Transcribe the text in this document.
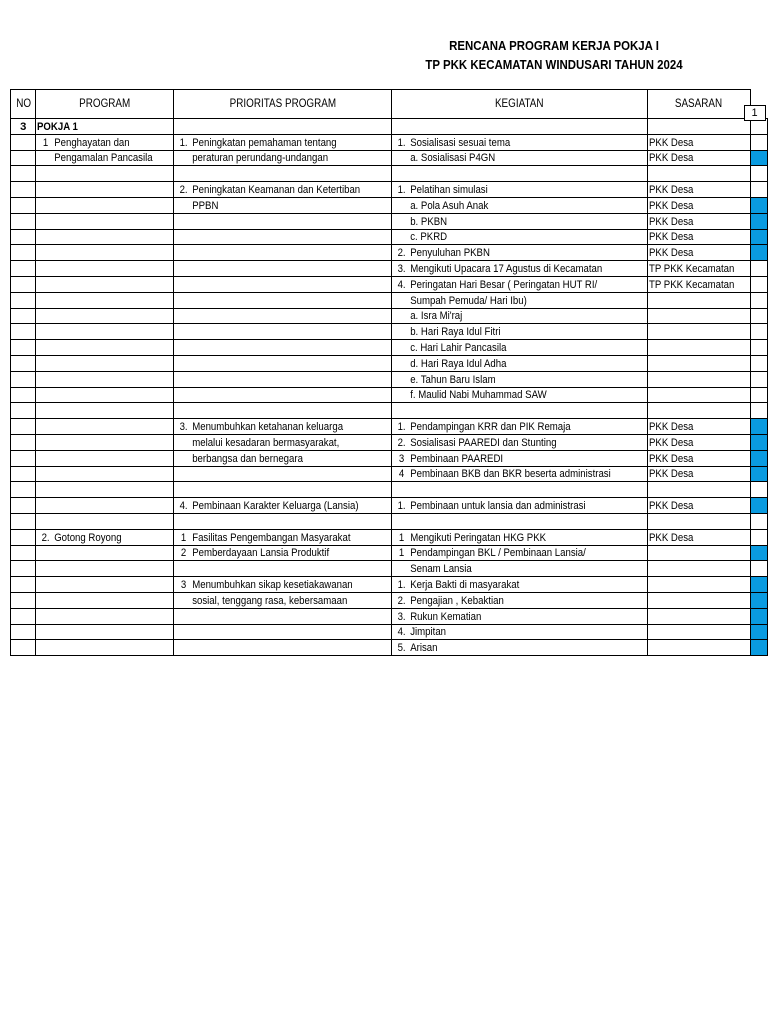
RENCANA PROGRAM KERJA POKJA I
TP PKK KECAMATAN WINDUSARI TAHUN 2024
NO	PROGRAM	PRIORITAS PROGRAM	KEGIATAN	SASARAN	1

3	POKJA 1				
	1 Penghayatan dan	1. Peningkatan pemahaman tentang	1. Sosialisasi sesuai tema	PKK Desa	
	Pengamalan Pancasila	peraturan perundang-undangan	a. Sosialisasi P4GN	PKK Desa	

		2. Peningkatan Keamanan dan Ketertiban	1. Pelatihan simulasi	PKK Desa	
		PPBN	a. Pola Asuh Anak	PKK Desa	
			b. PKBN	PKK Desa	
			c. PKRD	PKK Desa	
			2. Penyuluhan PKBN	PKK Desa	
			3. Mengikuti Upacara 17 Agustus di Kecamatan	TP PKK Kecamatan	
			4. Peringatan Hari Besar ( Peringatan HUT RI/	TP PKK Kecamatan	
			Sumpah Pemuda/ Hari Ibu)		
			a. Isra Mi'raj		
			b. Hari Raya Idul Fitri		
			c. Hari Lahir Pancasila		
			d. Hari Raya Idul Adha		
			e. Tahun Baru Islam		
			f. Maulid Nabi Muhammad SAW		

		3. Menumbuhkan ketahanan keluarga	1. Pendampingan KRR dan PIK Remaja	PKK Desa	
		melalui kesadaran bermasyarakat,	2. Sosialisasi PAAREDI dan Stunting	PKK Desa	
		berbangsa dan bernegara	3 Pembinaan PAAREDI	PKK Desa	
			4 Pembinaan BKB dan BKR beserta administrasi	PKK Desa	

		4. Pembinaan Karakter Keluarga (Lansia)	1. Pembinaan untuk lansia dan administrasi	PKK Desa	

	2. Gotong Royong	1 Fasilitas Pengembangan Masyarakat	1 Mengikuti Peringatan HKG PKK	PKK Desa	
		2 Pemberdayaan Lansia Produktif	1 Pendampingan BKL / Pembinaan Lansia/		
			Senam Lansia		
		3 Menumbuhkan sikap kesetiakawanan	1. Kerja Bakti di masyarakat		
		sosial, tenggang rasa, kebersamaan	2. Pengajian , Kebaktian		
			3. Rukun Kematian		
			4. Jimpitan		
			5. Arisan		
